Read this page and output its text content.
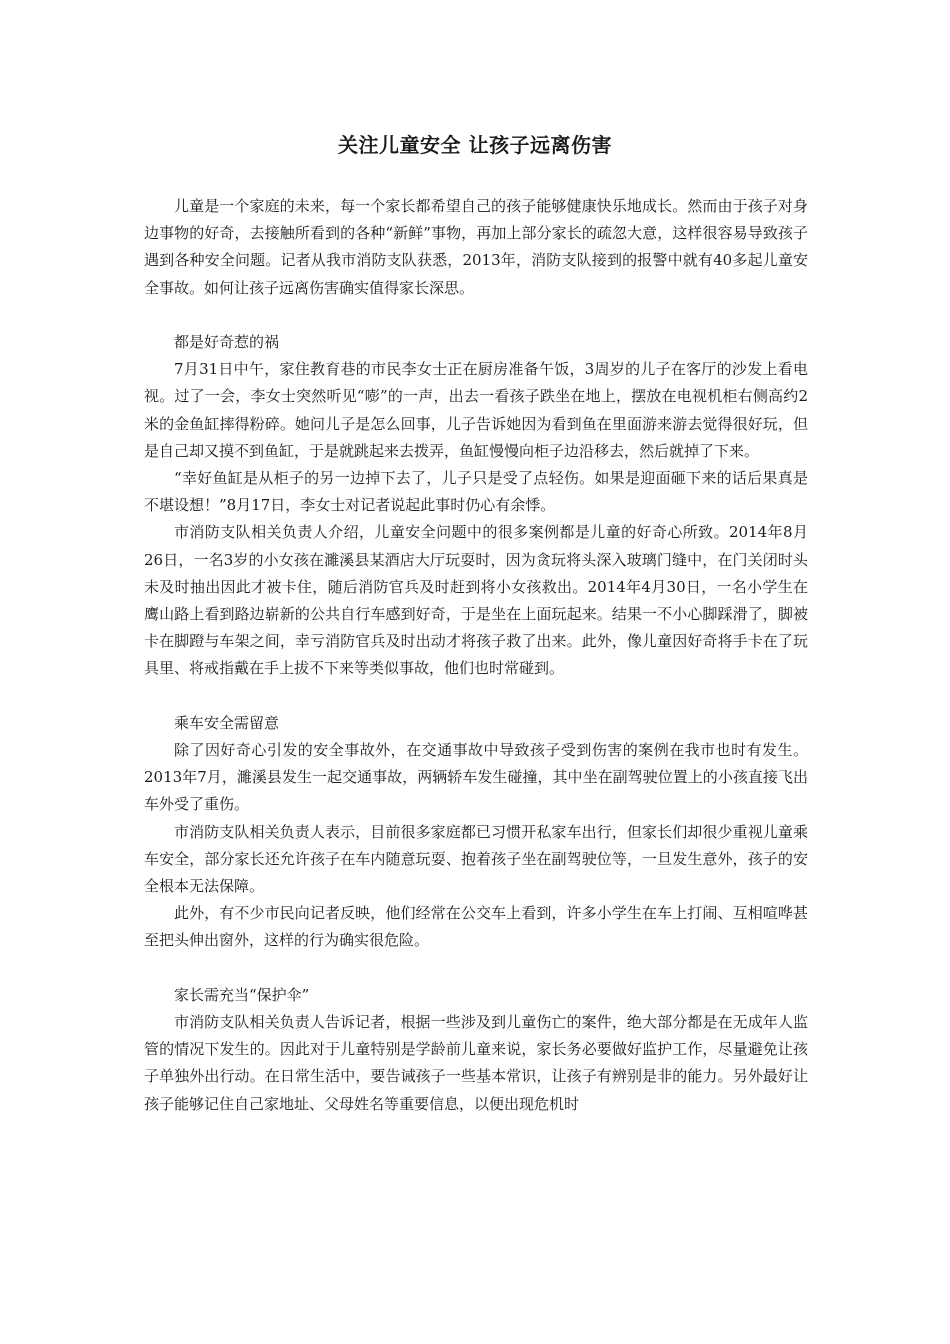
关注儿童安全 让孩子远离伤害

儿童是一个家庭的未来，每一个家长都希望自己的孩子能够健康快乐地成长。然而由于孩子对身边事物的好奇，去接触所看到的各种“新鲜”事物，再加上部分家长的疏忽大意，这样很容易导致孩子遇到各种安全问题。记者从我市消防支队获悉，2013年，消防支队接到的报警中就有40多起儿童安全事故。如何让孩子远离伤害确实值得家长深思。

都是好奇惹的祸

7月31日中午，家住教育巷的市民李女士正在厨房准备午饭，3周岁的儿子在客厅的沙发上看电视。过了一会，李女士突然听见“嘭”的一声，出去一看孩子跌坐在地上，摆放在电视机柜右侧高约2米的金鱼缸摔得粉碎。她问儿子是怎么回事，儿子告诉她因为看到鱼在里面游来游去觉得很好玩，但是自己却又摸不到鱼缸，于是就跳起来去拨弄，鱼缸慢慢向柜子边沿移去，然后就掉了下来。

“幸好鱼缸是从柜子的另一边掉下去了，儿子只是受了点轻伤。如果是迎面砸下来的话后果真是不堪设想！”8月17日，李女士对记者说起此事时仍心有余悸。

市消防支队相关负责人介绍，儿童安全问题中的很多案例都是儿童的好奇心所致。2014年8月26日，一名3岁的小女孩在濉溪县某酒店大厅玩耍时，因为贪玩将头深入玻璃门缝中，在门关闭时头未及时抽出因此才被卡住，随后消防官兵及时赶到将小女孩救出。2014年4月30日，一名小学生在鹰山路上看到路边崭新的公共自行车感到好奇，于是坐在上面玩起来。结果一不小心脚踩滑了，脚被卡在脚蹬与车架之间，幸亏消防官兵及时出动才将孩子救了出来。此外，像儿童因好奇将手卡在了玩具里、将戒指戴在手上拔不下来等类似事故，他们也时常碰到。

乘车安全需留意

除了因好奇心引发的安全事故外，在交通事故中导致孩子受到伤害的案例在我市也时有发生。2013年7月，濉溪县发生一起交通事故，两辆轿车发生碰撞，其中坐在副驾驶位置上的小孩直接飞出车外受了重伤。

市消防支队相关负责人表示，目前很多家庭都已习惯开私家车出行，但家长们却很少重视儿童乘车安全，部分家长还允许孩子在车内随意玩耍、抱着孩子坐在副驾驶位等，一旦发生意外，孩子的安全根本无法保障。

此外，有不少市民向记者反映，他们经常在公交车上看到，许多小学生在车上打闹、互相喧哗甚至把头伸出窗外，这样的行为确实很危险。

家长需充当“保护伞”

市消防支队相关负责人告诉记者，根据一些涉及到儿童伤亡的案件，绝大部分都是在无成年人监管的情况下发生的。因此对于儿童特别是学龄前儿童来说，家长务必要做好监护工作，尽量避免让孩子单独外出行动。在日常生活中，要告诫孩子一些基本常识，让孩子有辨别是非的能力。另外最好让孩子能够记住自己家地址、父母姓名等重要信息，以便出现危机时
